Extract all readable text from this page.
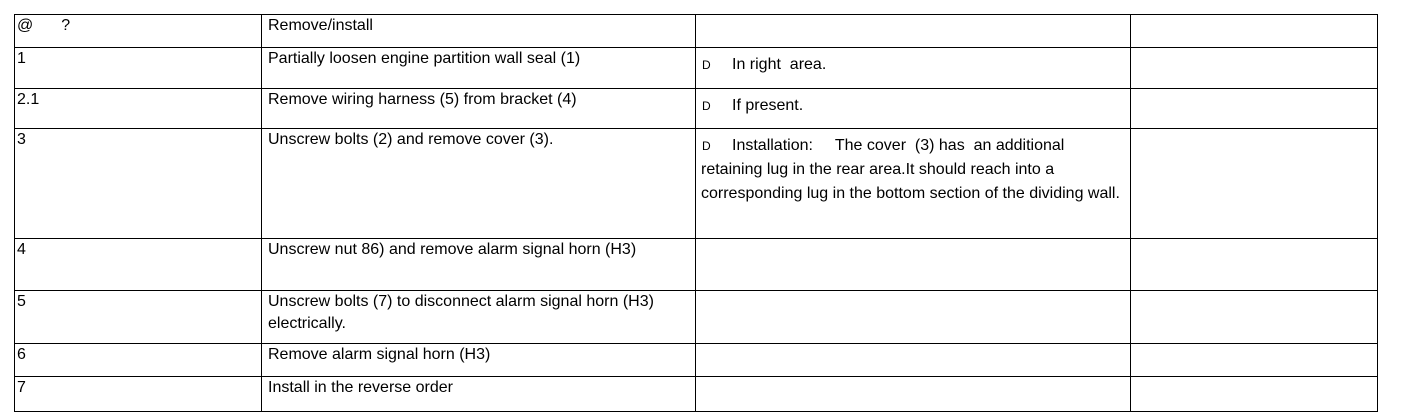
@ ?	Remove/install		
1	Partially loosen engine partition wall seal (1)	D In right  area.	
2.1	Remove wiring harness (5) from bracket (4)	D If present.	
3	Unscrew bolts (2) and remove cover (3).	D Installation:     The cover  (3) has  an additional retaining lug in the rear area.It should reach into a corresponding lug in the bottom section of the dividing wall.	
4	Unscrew nut 86) and remove alarm signal horn (H3)		
5	Unscrew bolts (7) to disconnect alarm signal horn (H3) electrically.		
6	Remove alarm signal horn (H3)		
7	Install in the reverse order		
